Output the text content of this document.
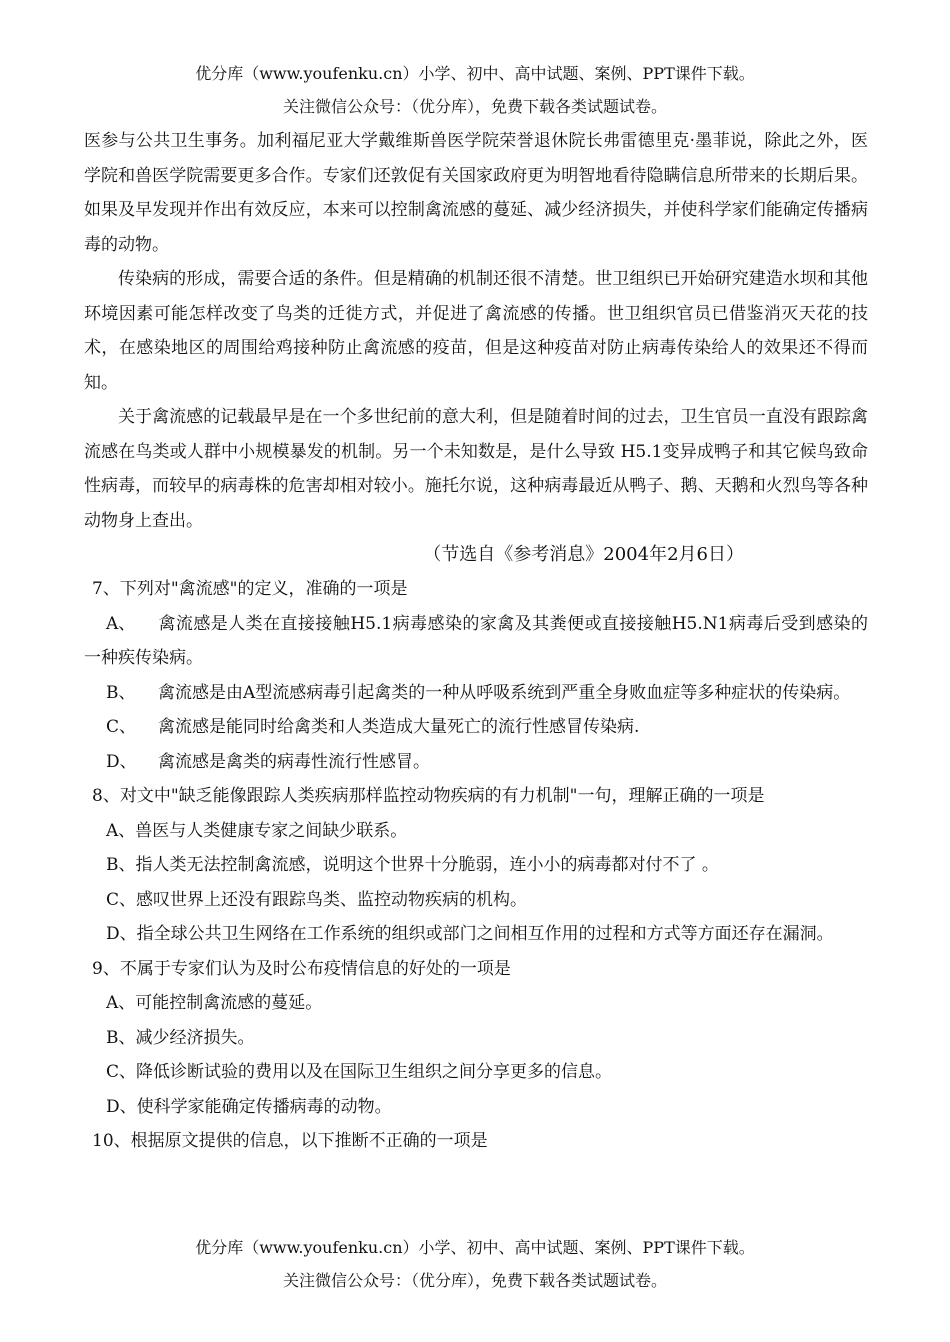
优分库（www.youfenku.cn）小学、初中、高中试题、案例、PPT课件下载。
关注微信公众号：（优分库），免费下载各类试题试卷。

医参与公共卫生事务。加利福尼亚大学戴维斯兽医学院荣誉退休院长弗雷德里克·墨菲说，除此之外，医学院和兽医学院需要更多合作。专家们还敦促有关国家政府更为明智地看待隐瞒信息所带来的长期后果。如果及早发现并作出有效反应，本来可以控制禽流感的蔓延、减少经济损失，并使科学家们能确定传播病毒的动物。

传染病的形成，需要合适的条件。但是精确的机制还很不清楚。世卫组织已开始研究建造水坝和其他环境因素可能怎样改变了鸟类的迁徙方式，并促进了禽流感的传播。世卫组织官员已借鉴消灭天花的技术，在感染地区的周围给鸡接种防止禽流感的疫苗，但是这种疫苗对防止病毒传染给人的效果还不得而知。

关于禽流感的记载最早是在一个多世纪前的意大利，但是随着时间的过去，卫生官员一直没有跟踪禽流感在鸟类或人群中小规模暴发的机制。另一个未知数是，是什么导致 H5.1变异成鸭子和其它候鸟致命性病毒，而较早的病毒株的危害却相对较小。施托尔说，这种病毒最近从鸭子、鹅、天鹅和火烈鸟等各种动物身上查出。

（节选自《参考消息》2004年2月6日）

7、下列对"禽流感"的定义，准确的一项是

A、 禽流感是人类在直接接触H5.1病毒感染的家禽及其粪便或直接接触H5.N1病毒后受到感染的一种疾传染病。

B、 禽流感是由A型流感病毒引起禽类的一种从呼吸系统到严重全身败血症等多种症状的传染病。

C、 禽流感是能同时给禽类和人类造成大量死亡的流行性感冒传染病.

D、 禽流感是禽类的病毒性流行性感冒。

8、对文中"缺乏能像跟踪人类疾病那样监控动物疾病的有力机制"一句，理解正确的一项是

A、兽医与人类健康专家之间缺少联系。

B、指人类无法控制禽流感，说明这个世界十分脆弱，连小小的病毒都对付不了 。

C、感叹世界上还没有跟踪鸟类、监控动物疾病的机构。

D、指全球公共卫生网络在工作系统的组织或部门之间相互作用的过程和方式等方面还存在漏洞。

9、不属于专家们认为及时公布疫情信息的好处的一项是

A、可能控制禽流感的蔓延。

B、减少经济损失。

C、降低诊断试验的费用以及在国际卫生组织之间分享更多的信息。

D、使科学家能确定传播病毒的动物。

10、根据原文提供的信息，以下推断不正确的一项是

优分库（www.youfenku.cn）小学、初中、高中试题、案例、PPT课件下载。
关注微信公众号：（优分库），免费下载各类试题试卷。
